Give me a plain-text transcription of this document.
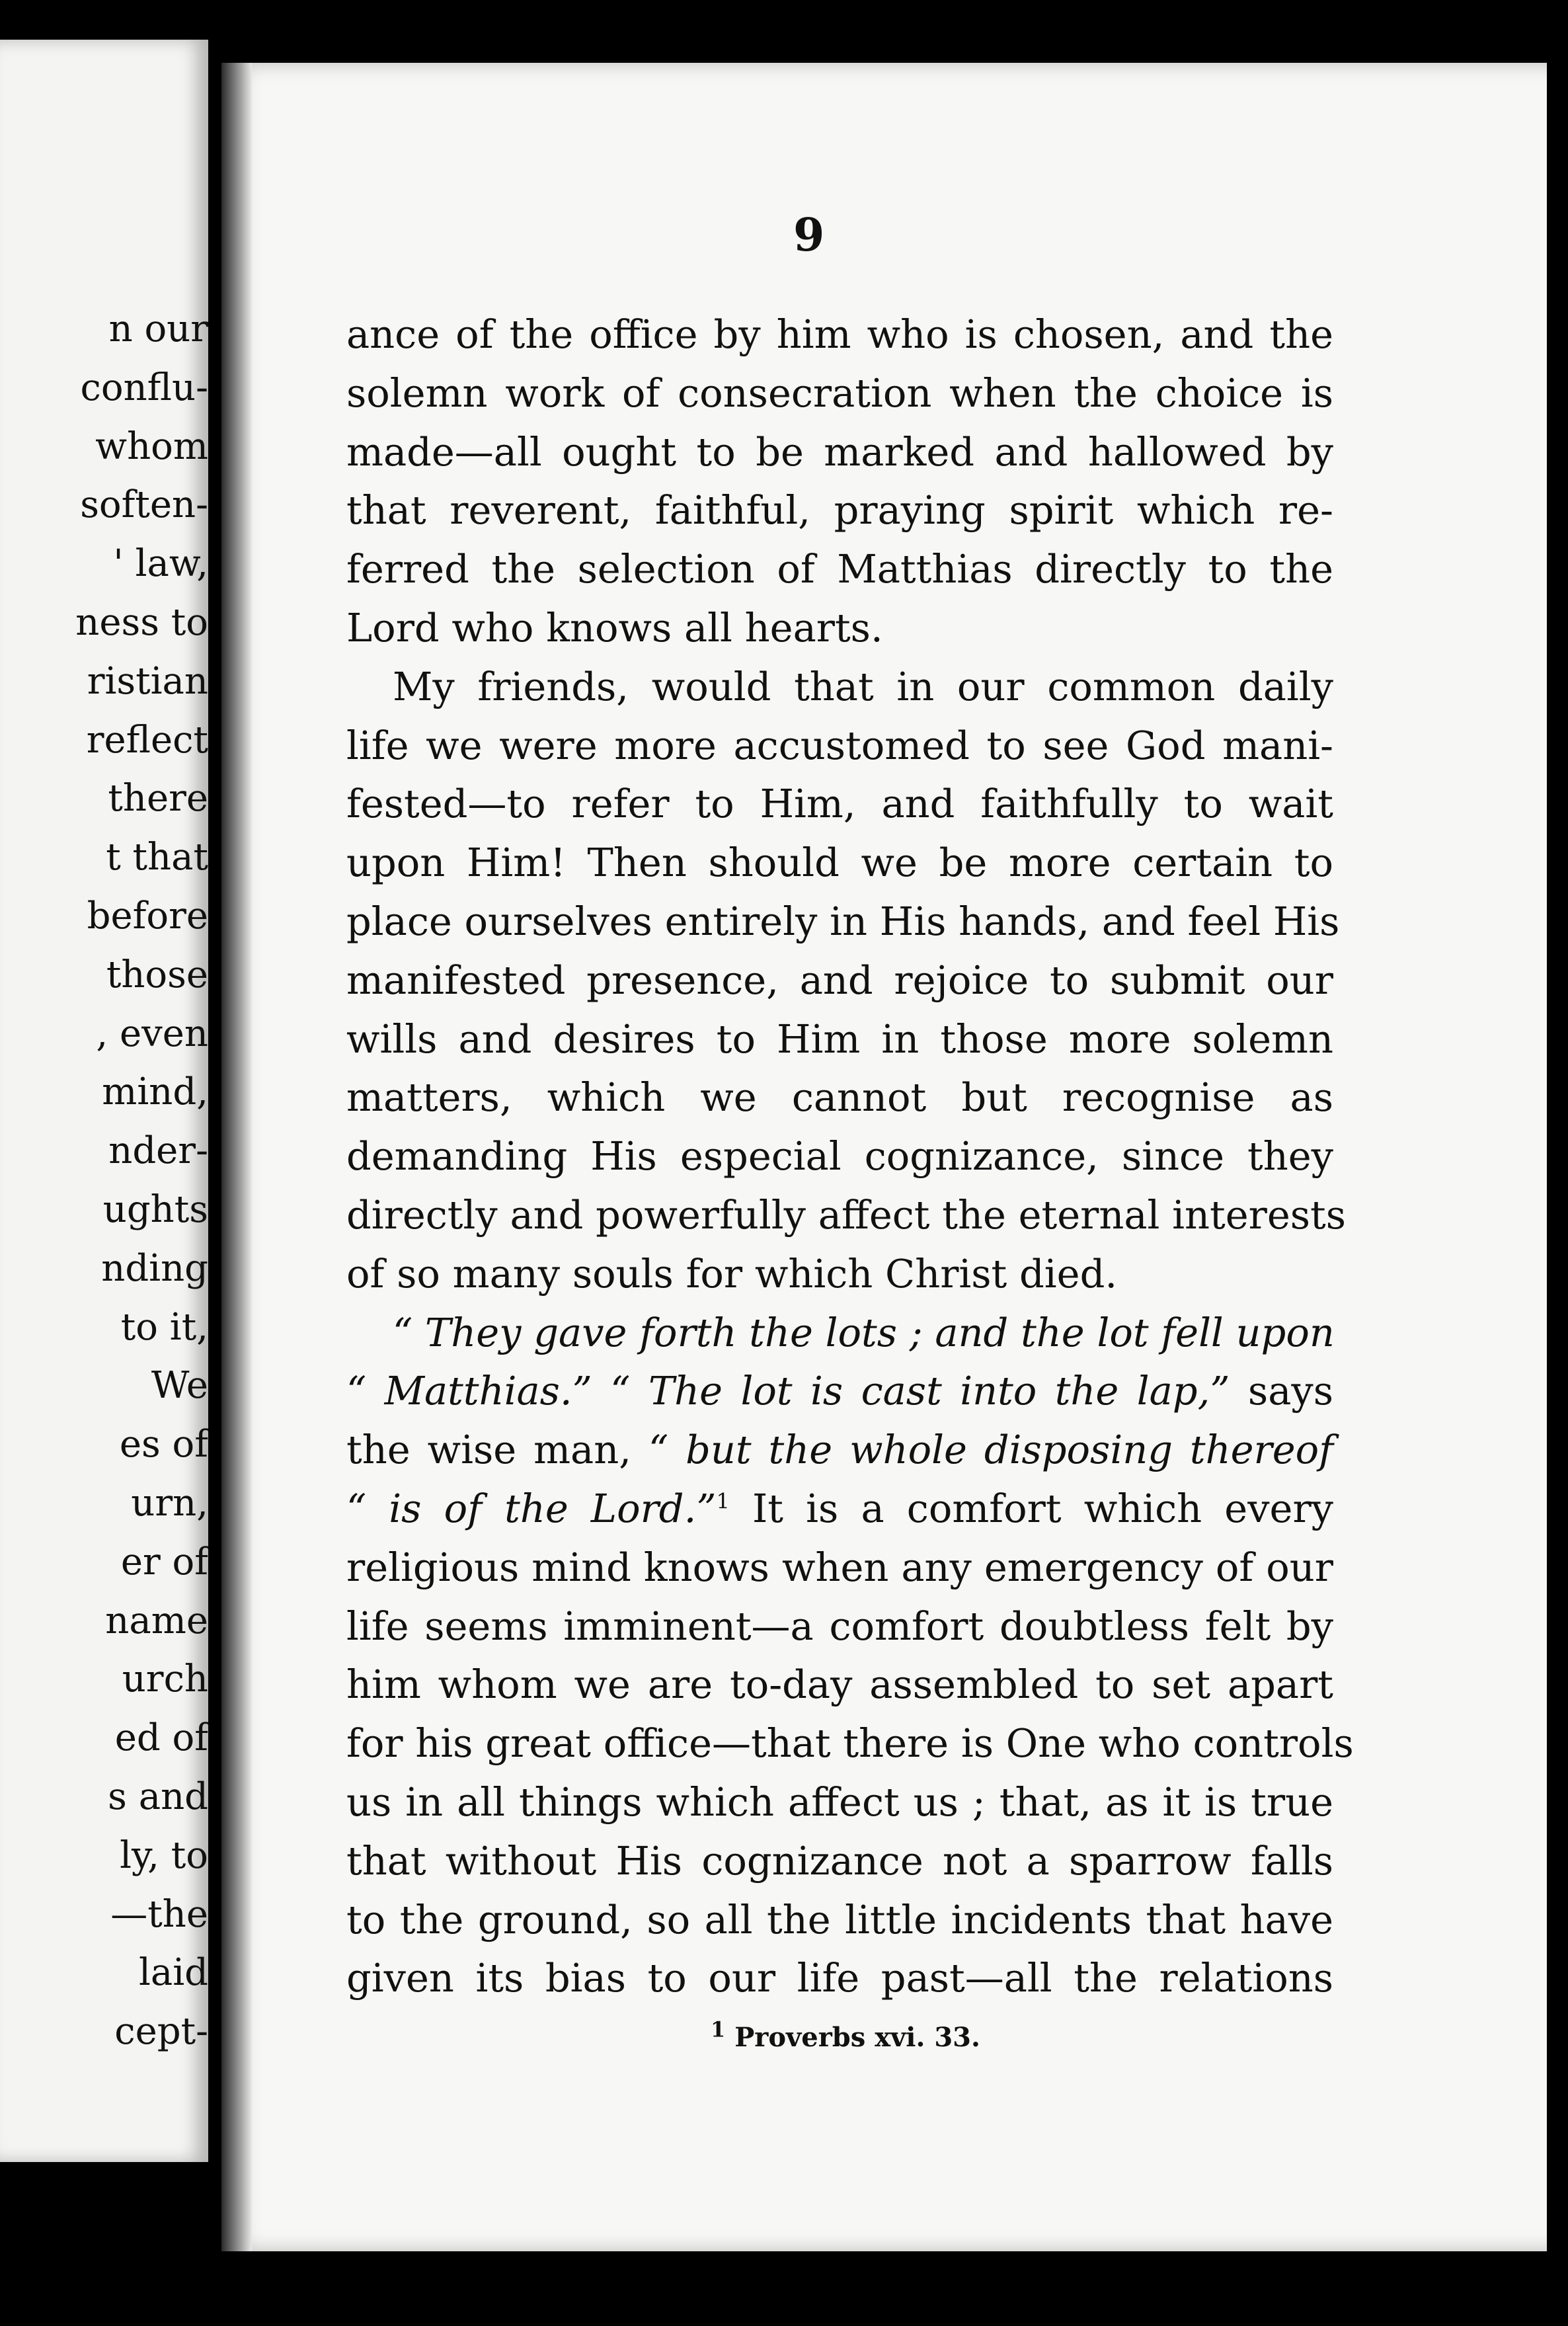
n our
conflu-
whom
soften-
' law,
ness to
ristian
reflect
there
t that
before
those
, even
mind,
nder-
ughts
nding
to it,
We
es of
urn,
er of
name
urch
ed of
s and
ly, to
—the
laid
cept-
9
ance of the office by him who is chosen, and the
solemn work of consecration when the choice is
made—all ought to be marked and hallowed by
that reverent, faithful, praying spirit which re-
ferred the selection of Matthias directly to the
Lord who knows all hearts.
My friends, would that in our common daily
life we were more accustomed to see God mani-
fested—to refer to Him, and faithfully to wait
upon Him! Then should we be more certain to
place ourselves entirely in His hands, and feel His
manifested presence, and rejoice to submit our
wills and desires to Him in those more solemn
matters, which we cannot but recognise as
demanding His especial cognizance, since they
directly and powerfully affect the eternal interests
of so many souls for which Christ died.
“ They gave forth the lots ; and the lot fell upon
“ Matthias.” “ The lot is cast into the lap,” says
the wise man, “ but the whole disposing thereof
“ is of the Lord.”$^1$ It is a comfort which every
religious mind knows when any emergency of our
life seems imminent—a comfort doubtless felt by
him whom we are to-day assembled to set apart
for his great office—that there is One who controls
us in all things which affect us ; that, as it is true
that without His cognizance not a sparrow falls
to the ground, so all the little incidents that have
given its bias to our life past—all the relations
$^1$ Proverbs xvi. 33.
